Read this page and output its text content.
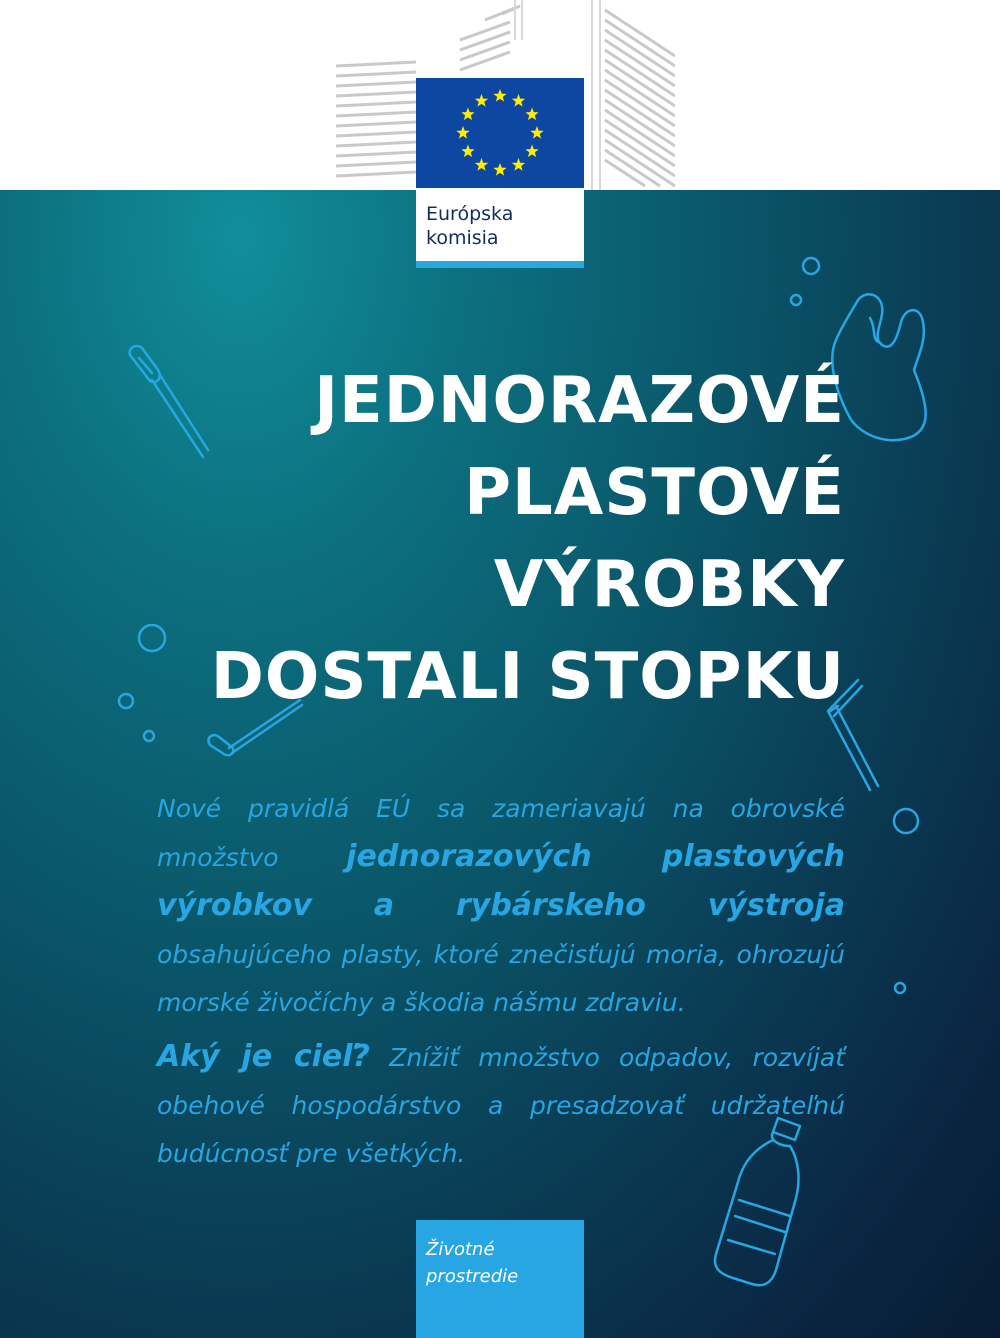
Európska
komisia
JEDNORAZOVÉ
PLASTOVÉ
VÝROBKY
DOSTALI STOPKU

Nové pravidlá EÚ sa zameriavajú na obrovské množstvo jednorazových plastových výrobkov a rybárskeho výstroja obsahujúceho plasty, ktoré znečisťujú moria, ohrozujú morské živočíchy a škodia nášmu zdraviu.

Aký je cieľ? Znížiť množstvo odpadov, rozvíjať obehové hospodárstvo a presadzovať udržateľnú budúcnosť pre všetkých.

Životné
prostredie
